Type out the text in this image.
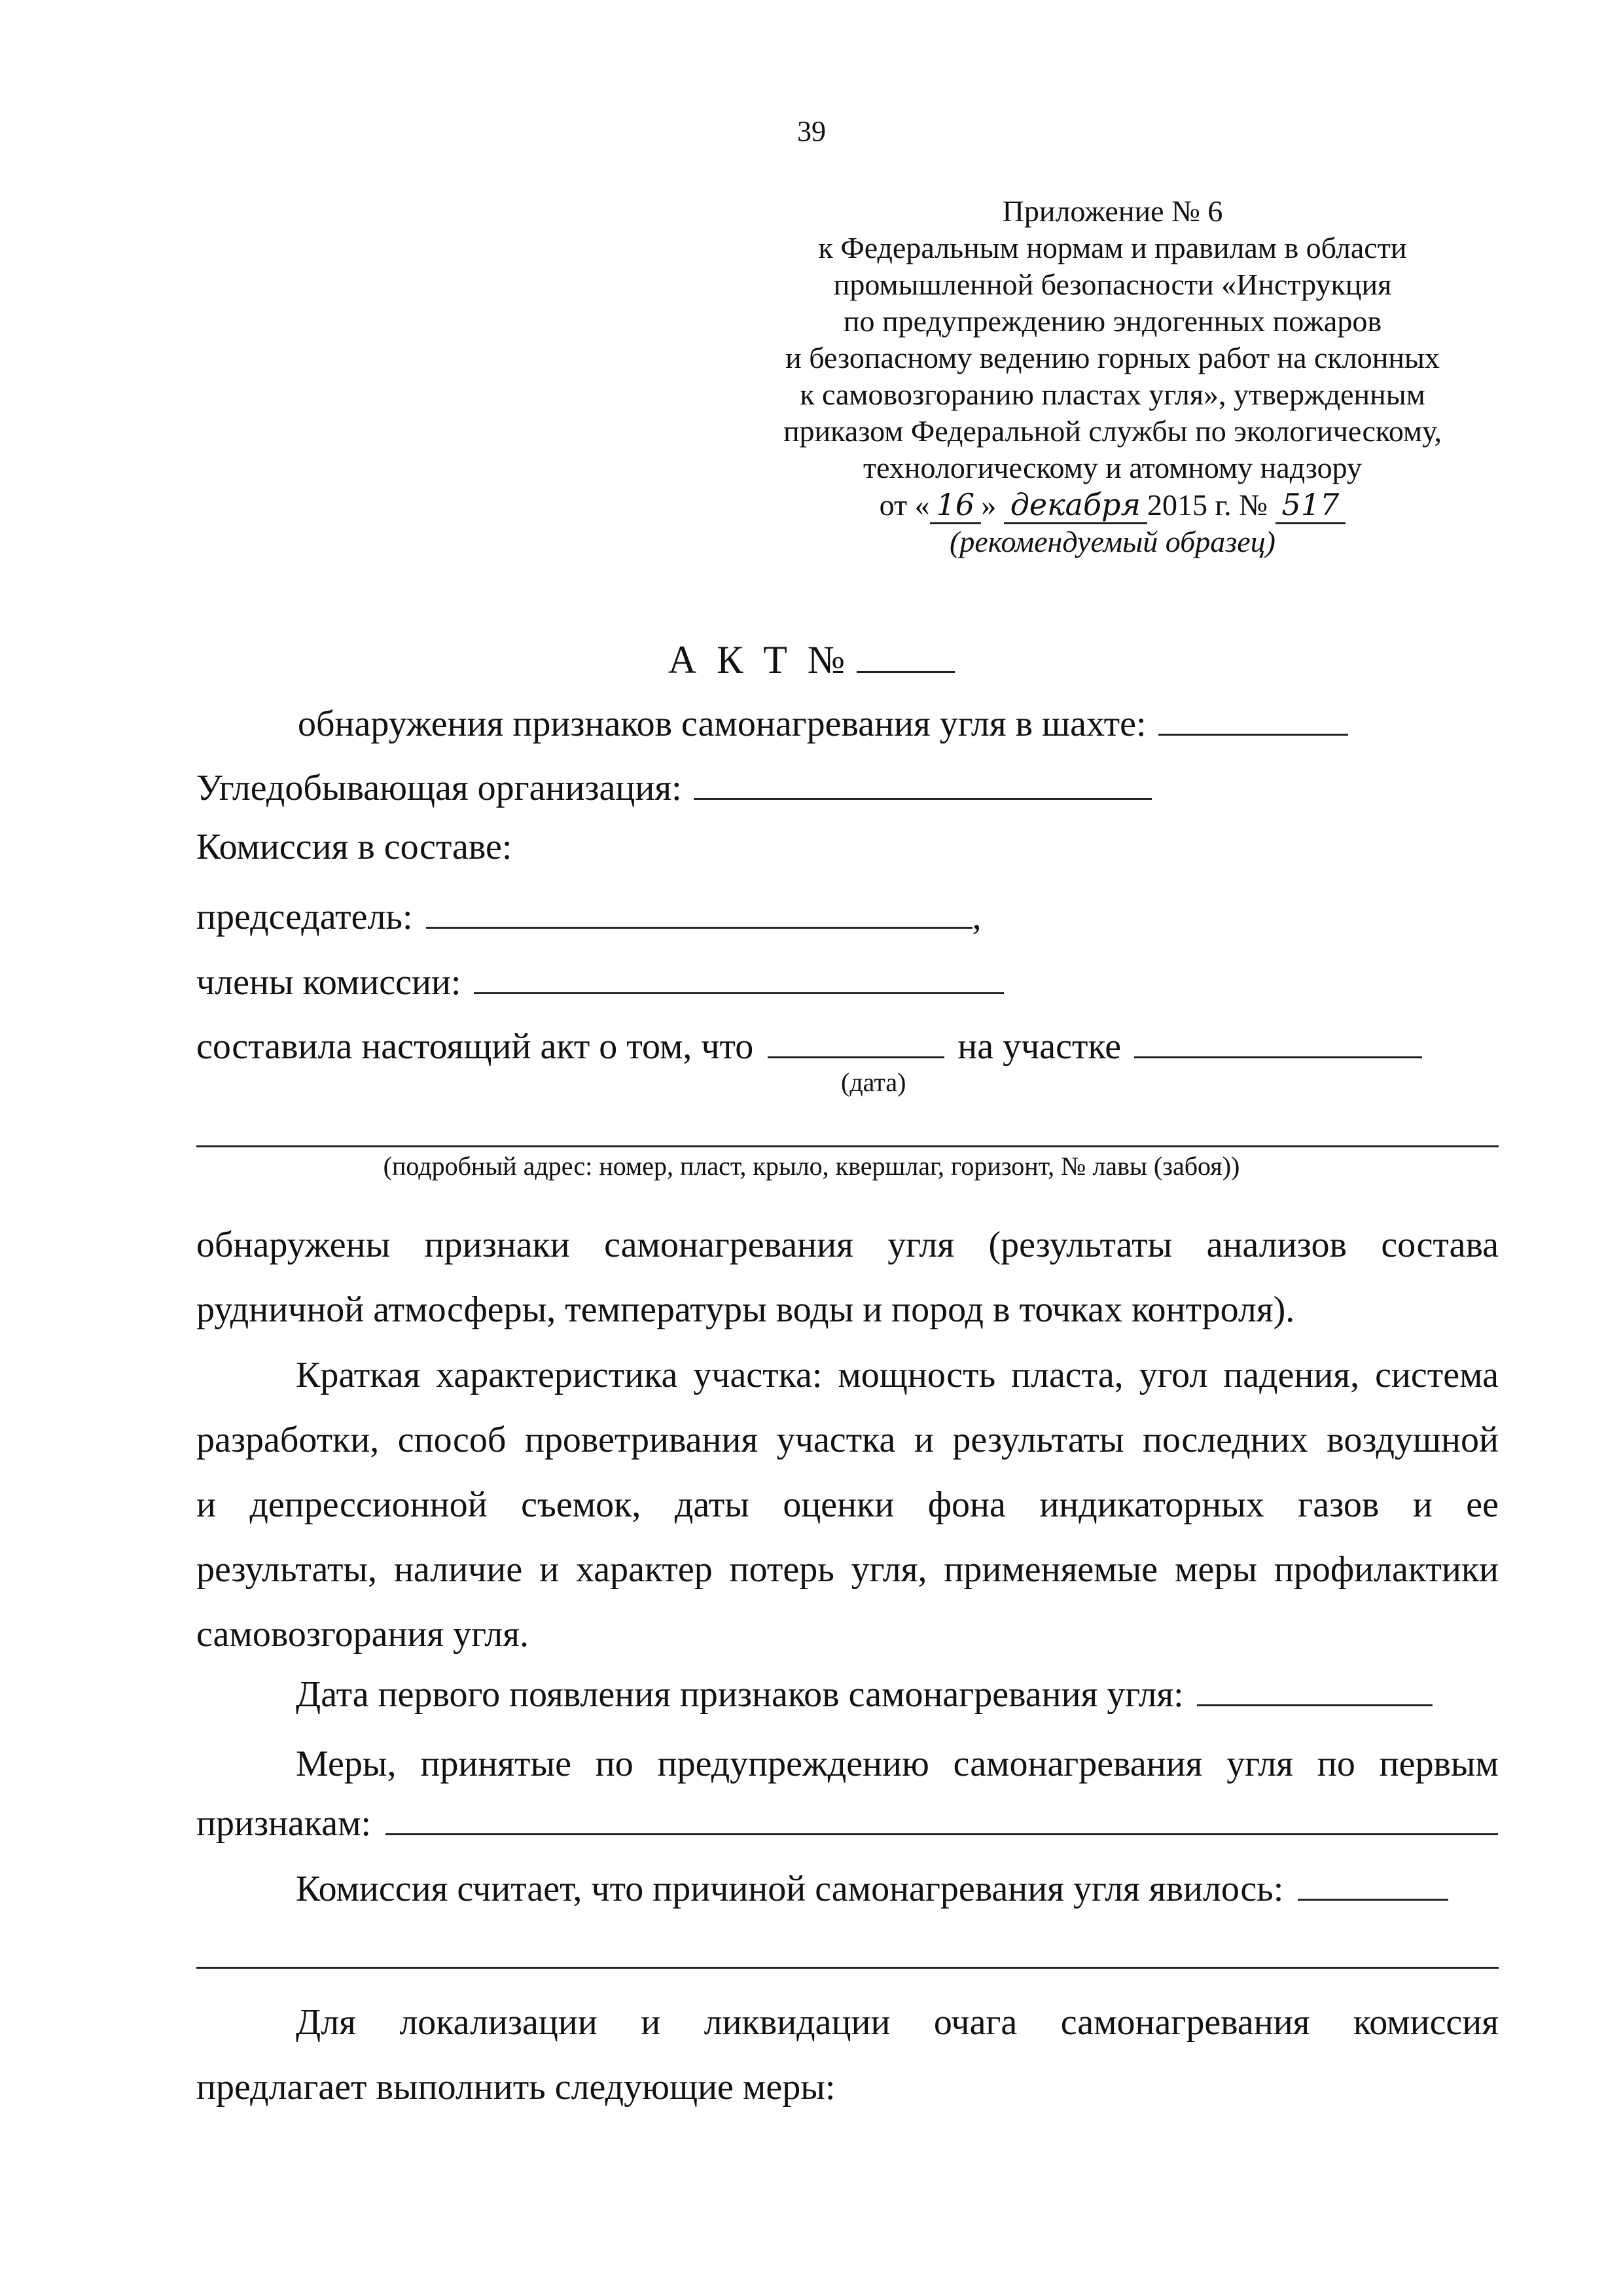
39
Приложение № 6
к Федеральным нормам и правилам в области
промышленной безопасности «Инструкция
по предупреждению эндогенных пожаров
и безопасному ведению горных работ на склонных
к самовозгоранию пластах угля», утвержденным
приказом Федеральной службы по экологическому,
технологическому и атомному надзору
от « 16 » декабря 2015 г. № 517
(рекомендуемый образец)
А К Т №
обнаружения признаков самонагревания угля в шахте:
Угледобывающая организация:
Комиссия в составе:
председатель:	,
члены комиссии:
составила настоящий акт о том, что	на участке
(дата)
(подробный адрес: номер, пласт, крыло, квершлаг, горизонт, № лавы (забоя))
обнаружены признаки самонагревания угля (результаты анализов состава
рудничной атмосферы, температуры воды и пород в точках контроля).
Краткая характеристика участка: мощность пласта, угол падения, система
разработки, способ проветривания участка и результаты последних воздушной
и депрессионной съемок, даты оценки фона индикаторных газов и ее
результаты, наличие и характер потерь угля, применяемые меры профилактики
самовозгорания угля.
Дата первого появления признаков самонагревания угля:
Меры, принятые по предупреждению самонагревания угля по первым
признакам:
Комиссия считает, что причиной самонагревания угля явилось:
Для локализации и ликвидации очага самонагревания комиссия
предлагает выполнить следующие меры:
